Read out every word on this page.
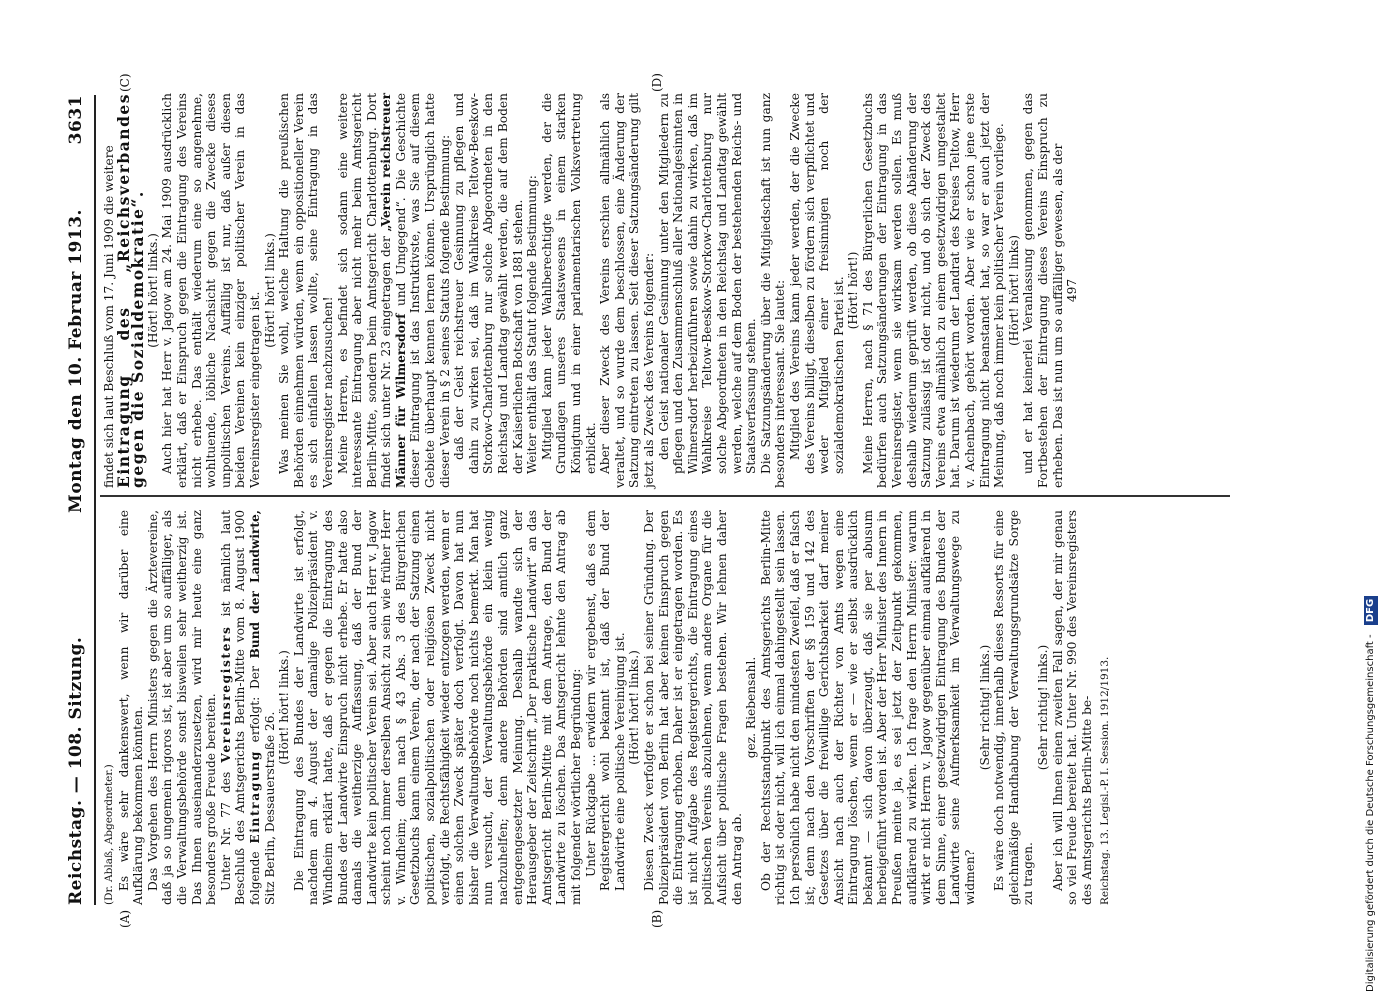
Reichstag. — 108. Sitzung.
Montag den 10. Februar 1913.
3631
(A)	(B)
(C)	(D)

(Dr. Ablaß, Abgeordneter.) Es wäre sehr dankenswert, wenn wir darüber eine Aufklärung bekommen könnten. Das Vorgehen des Herrn Ministers gegen die Ärztevereine, daß ja so ungemein rigoros ist, ist aber um so auffälliger, als die Verwaltungsbehörde sonst bisweilen sehr weitherzig ist. Das Ihnen auseinanderzusetzen, wird mir heute eine ganz besonders große Freude bereiten. Unter Nr. 77 des Vereinsregisters ist nämlich laut Beschluß des Amtsgerichts Berlin-Mitte vom 8. August 1900 folgende Eintragung erfolgt: Der Bund der Landwirte, Sitz Berlin, Dessauerstraße 26.

(Hört! hört! links.) Die Eintragung des Bundes der Landwirte ist erfolgt, nachdem am 4. August der damalige Polizeipräsident v. Windheim erklärt hatte, daß er gegen die Eintragung des Bundes der Landwirte Einspruch nicht erhebe. Er hatte also damals die weitherzige Auffassung, daß der Bund der Landwirte kein politischer Verein sei. Aber auch Herr v. Jagow scheint noch immer derselben Ansicht zu sein wie früher Herr v. Windheim; denn nach § 43 Abs. 3 des Bürgerlichen Gesetzbuchs kann einem Verein, der nach der Satzung einen politischen, sozialpolitischen oder religiösen Zweck nicht verfolgt, die Rechtsfähigkeit wieder entzogen werden, wenn er einen solchen Zweck später doch verfolgt. Davon hat nun bisher die Verwaltungsbehörde noch nichts bemerkt. Man hat nun versucht, der Verwaltungsbehörde ein klein wenig nachzuhelfen; denn andere Behörden sind amtlich ganz entgegengesetzter Meinung. Deshalb wandte sich der Herausgeber der Zeitschrift „Der praktische Landwirt“ an das Amtsgericht Berlin-Mitte mit dem Antrage, den Bund der Landwirte zu löschen. Das Amtsgericht lehnte den Antrag ab mit folgender wörtlicher Begründung: Unter Rückgabe … erwidern wir ergebenst, daß es dem Registergericht wohl bekannt ist, daß der Bund der Landwirte eine politische Vereinigung ist. (Hört! hört! links.) Diesen Zweck verfolgte er schon bei seiner Gründung. Der Polizeipräsident von Berlin hat aber keinen Einspruch gegen die Eintragung erhoben. Daher ist er eingetragen worden. Es ist nicht Aufgabe des Registergerichts, die Eintragung eines politischen Vereins abzulehnen, wenn andere Organe für die Aufsicht über politische Fragen bestehen. Wir lehnen daher den Antrag ab.

gez. Riebensahl. Ob der Rechtsstandpunkt des Amtsgerichts Berlin-Mitte richtig ist oder nicht, will ich einmal dahingestellt sein lassen. Ich persönlich habe nicht den mindesten Zweifel, daß er falsch ist; denn nach den Vorschriften der §§ 159 und 142 des Gesetzes über die freiwillige Gerichtsbarkeit darf meiner Ansicht nach auch der Richter von Amts wegen eine Eintragung löschen, wenn er — wie er selbst ausdrücklich bekannt — sich davon überzeugt, daß sie per abusum herbeigeführt worden ist. Aber der Herr Minister des Innern in Preußen meinte ja, es sei jetzt der Zeitpunkt gekommen, aufklärend zu wirken. Ich frage den Herrn Minister: warum wirkt er nicht Herrn v. Jagow gegenüber einmal aufklärend in dem Sinne, einer gesetzwidrigen Eintragung des Bundes der Landwirte seine Aufmerksamkeit im Verwaltungswege zu widmen?

(Sehr richtig! links.) Es wäre doch notwendig, innerhalb dieses Ressorts für eine gleichmäßige Handhabung der Verwaltungsgrundsätze Sorge zu tragen.

(Sehr richtig! links.) Aber ich will Ihnen einen zweiten Fall sagen, der mir genau so viel Freude bereitet hat. Unter Nr. 990 des Vereinsregisters des Amtsgerichts Berlin-Mitte be- Reichstag. 13. Legisl.-P. I. Session. 1912/1913.

findet sich laut Beschluß vom 17. Juni 1909 die weitere

Eintragung des „Reichsverbandes gegen die Sozialdemokratie“.

(Hört! hört! links.) Auch hier hat Herr v. Jagow am 24. Mai 1909 ausdrücklich erklärt, daß er Einspruch gegen die Eintragung des Vereins nicht erhebe. Das enthält wiederum eine so angenehme, wohltuende, löbliche Nachsicht gegen die Zwecke dieses unpolitischen Vereins. Auffällig ist nur, daß außer diesen beiden Vereinen kein einziger politischer Verein in das Vereinsregister eingetragen ist.

(Hört! hört! links.) Was meinen Sie wohl, welche Haltung die preußischen Behörden einnehmen würden, wenn ein oppositioneller Verein es sich einfallen lassen wollte, seine Eintragung in das Vereinsregister nachzusuchen! Meine Herren, es befindet sich sodann eine weitere interessante Eintragung aber nicht mehr beim Amtsgericht Berlin-Mitte, sondern beim Amtsgericht Charlottenburg. Dort findet sich unter Nr. 23 eingetragen der „Verein reichstreuer Männer für Wilmersdorf und Umgegend“. Die Geschichte dieser Eintragung ist das Instruktivste, was Sie auf diesem Gebiete überhaupt kennen lernen können. Ursprünglich hatte dieser Verein in § 2 seines Statuts folgende Bestimmung: daß der Geist reichstreuer Gesinnung zu pflegen und dahin zu wirken sei, daß im Wahlkreise Teltow-Beeskow-Storkow-Charlottenburg nur solche Abgeordneten in den Reichstag und Landtag gewählt werden, die auf dem Boden der Kaiserlichen Botschaft von 1881 stehen. Weiter enthält das Statut folgende Bestimmung: Mitglied kann jeder Wahlberechtigte werden, der die Grundlagen unseres Staatswesens in einem starken Königtum und in einer parlamentarischen Volksvertretung erblickt. Aber dieser Zweck des Vereins erschien allmählich als veraltet, und so wurde dem beschlossen, eine Änderung der Satzung eintreten zu lassen. Seit dieser Satzungsänderung gilt jetzt als Zweck des Vereins folgender: den Geist nationaler Gesinnung unter den Mitgliedern zu pflegen und den Zusammenschluß aller Nationalgesinnten in Wilmersdorf herbeizuführen sowie dahin zu wirken, daß im Wahlkreise Teltow-Beeskow-Storkow-Charlottenburg nur solche Abgeordneten in den Reichstag und Landtag gewählt werden, welche auf dem Boden der bestehenden Reichs- und Staatsverfassung stehen. Die Satzungsänderung über die Mitgliedschaft ist nun ganz besonders interessant. Sie lautet: Mitglied des Vereins kann jeder werden, der die Zwecke des Vereins billigt, dieselben zu fördern sich verpflichtet und weder Mitglied einer freisinnigen noch der sozialdemokratischen Partei ist. (Hört! hört!) Meine Herren, nach § 71 des Bürgerlichen Gesetzbuchs bedürfen auch Satzungsänderungen der Eintragung in das Vereinsregister, wenn sie wirksam werden sollen. Es muß deshalb wiederum geprüft werden, ob diese Abänderung der Satzung zulässig ist oder nicht, und ob sich der Zweck des Vereins etwa allmählich zu einem gesetzwidrigen umgestaltet hat. Darum ist wiederum der Landrat des Kreises Teltow, Herr v. Achenbach, gehört worden. Aber wie er schon jene erste Eintragung nicht beanstandet hat, so war er auch jetzt der Meinung, daß noch immer kein politischer Verein vorliege. (Hört! hört! links) und er hat keinerlei Veranlassung genommen, gegen das Fortbestehen der Eintragung dieses Vereins Einspruch zu erheben. Das ist nun um so auffälliger gewesen, als der 497

Digitalisierung gefördert durch die Deutsche Forschungsgemeinschaft - DFG
